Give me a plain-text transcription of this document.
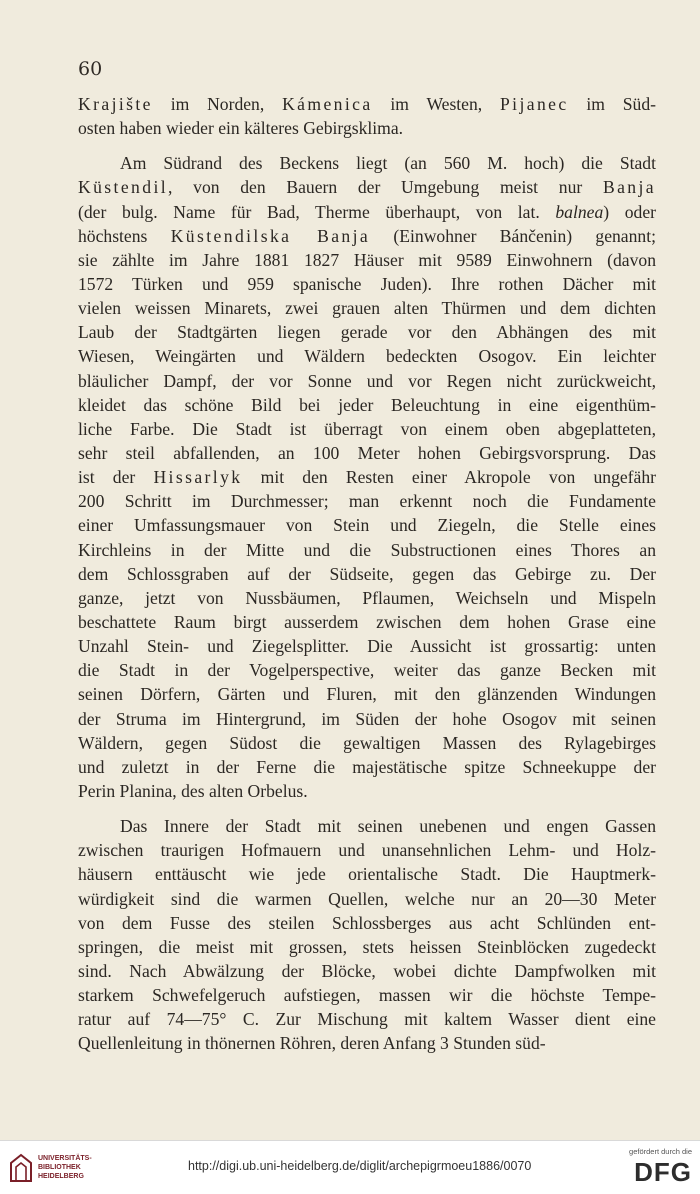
60

Krajište im Norden, Kámenica im Westen, Pijanec im Süd-
osten haben wieder ein kälteres Gebirgsklima.

Am Südrand des Beckens liegt (an 560 M. hoch) die Stadt
Küstendil, von den Bauern der Umgebung meist nur Banja
(der bulg. Name für Bad, Therme überhaupt, von lat. balnea) oder
höchstens Küstendilska Banja (Einwohner Bánčenin) genannt;
sie zählte im Jahre 1881 1827 Häuser mit 9589 Einwohnern (davon
1572 Türken und 959 spanische Juden). Ihre rothen Dächer mit
vielen weissen Minarets, zwei grauen alten Thürmen und dem dichten
Laub der Stadtgärten liegen gerade vor den Abhängen des mit
Wiesen, Weingärten und Wäldern bedeckten Osogov. Ein leichter
bläulicher Dampf, der vor Sonne und vor Regen nicht zurückweicht,
kleidet das schöne Bild bei jeder Beleuchtung in eine eigenthüm-
liche Farbe. Die Stadt ist überragt von einem oben abgeplatteten,
sehr steil abfallenden, an 100 Meter hohen Gebirgsvorsprung. Das
ist der Hissarlyk mit den Resten einer Akropole von ungefähr
200 Schritt im Durchmesser; man erkennt noch die Fundamente
einer Umfassungsmauer von Stein und Ziegeln, die Stelle eines
Kirchleins in der Mitte und die Substructionen eines Thores an
dem Schlossgraben auf der Südseite, gegen das Gebirge zu. Der
ganze, jetzt von Nussbäumen, Pflaumen, Weichseln und Mispeln
beschattete Raum birgt ausserdem zwischen dem hohen Grase eine
Unzahl Stein- und Ziegelsplitter. Die Aussicht ist grossartig: unten
die Stadt in der Vogelperspective, weiter das ganze Becken mit
seinen Dörfern, Gärten und Fluren, mit den glänzenden Windungen
der Struma im Hintergrund, im Süden der hohe Osogov mit seinen
Wäldern, gegen Südost die gewaltigen Massen des Rylagebirges
und zuletzt in der Ferne die majestätische spitze Schneekuppe der
Perin Planina, des alten Orbelus.

Das Innere der Stadt mit seinen unebenen und engen Gassen
zwischen traurigen Hofmauern und unansehnlichen Lehm- und Holz-
häusern enttäuscht wie jede orientalische Stadt. Die Hauptmerk-
würdigkeit sind die warmen Quellen, welche nur an 20—30 Meter
von dem Fusse des steilen Schlossberges aus acht Schlünden ent-
springen, die meist mit grossen, stets heissen Steinblöcken zugedeckt
sind. Nach Abwälzung der Blöcke, wobei dichte Dampfwolken mit
starkem Schwefelgeruch aufstiegen, massen wir die höchste Tempe-
ratur auf 74—75° C. Zur Mischung mit kaltem Wasser dient eine
Quellenleitung in thönernen Röhren, deren Anfang 3 Stunden süd-

UNIVERSITÄTS-
BIBLIOTHEK
HEIDELBERG
http://digi.ub.uni-heidelberg.de/diglit/archepigrmoeu1886/0070
gefördert durch die
DFG
